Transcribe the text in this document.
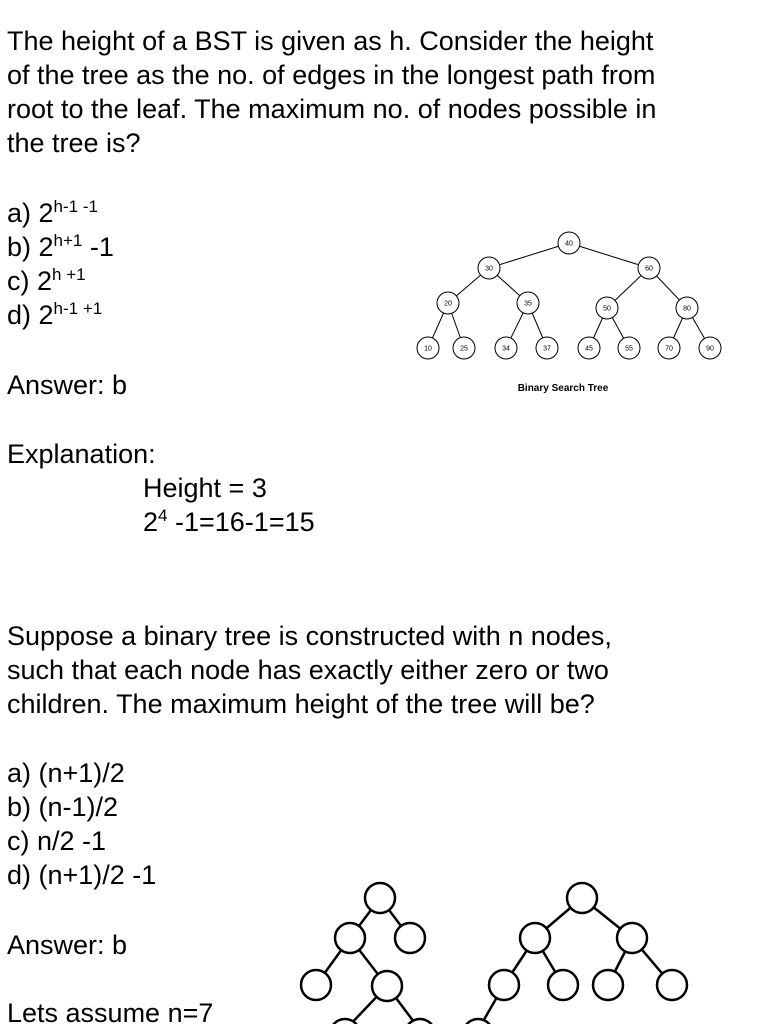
The height of a BST is given as h. Consider the height
of the tree as the no. of edges in the longest path from
root to the leaf. The maximum no. of nodes possible in
the tree is?
a) 2$^{h-1 -1}$
b) $2^{h+1}$ -1
c) $2^{h +1}$
d) $2^{h-1 +1}$
Answer: b
Explanation:
Height = 3
$2^4$ -1=16-1=15
40
30	60
20	35
50	80
10	25	34	37	45	55	70	90
Binary Search Tree
Suppose a binary tree is constructed with n nodes,
such that each node has exactly either zero or two
children. The maximum height of the tree will be?
a) (n+1)/2
b) (n-1)/2
c) n/2 -1
d) (n+1)/2 -1
Answer: b
Lets assume n=7
